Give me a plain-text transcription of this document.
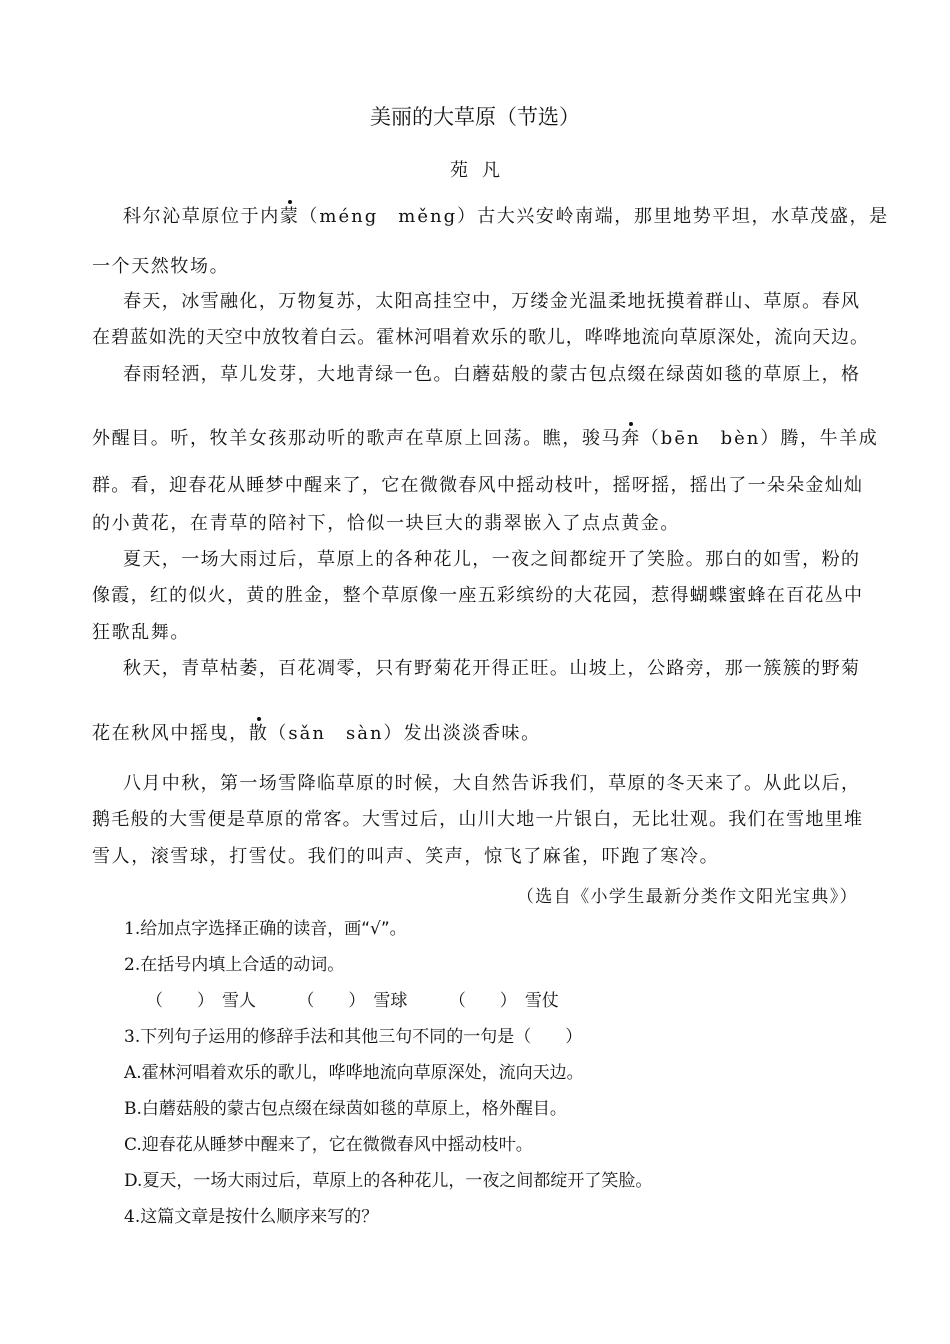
美丽的大草原（节选）
苑凡
科尔沁草原位于内蒙（méng　měng）古大兴安岭南端，那里地势平坦，水草茂盛，是
一个天然牧场。
春天，冰雪融化，万物复苏，太阳高挂空中，万缕金光温柔地抚摸着群山、草原。春风
在碧蓝如洗的天空中放牧着白云。霍林河唱着欢乐的歌儿，哗哗地流向草原深处，流向天边。
春雨轻洒，草儿发芽，大地青绿一色。白蘑菇般的蒙古包点缀在绿茵如毯的草原上，格
外醒目。听，牧羊女孩那动听的歌声在草原上回荡。瞧，骏马奔（bēn　bèn）腾，牛羊成
群。看，迎春花从睡梦中醒来了，它在微微春风中摇动枝叶，摇呀摇，摇出了一朵朵金灿灿
的小黄花，在青草的陪衬下，恰似一块巨大的翡翠嵌入了点点黄金。
夏天，一场大雨过后，草原上的各种花儿，一夜之间都绽开了笑脸。那白的如雪，粉的
像霞，红的似火，黄的胜金，整个草原像一座五彩缤纷的大花园，惹得蝴蝶蜜蜂在百花丛中
狂歌乱舞。
秋天，青草枯萎，百花凋零，只有野菊花开得正旺。山坡上，公路旁，那一簇簇的野菊
花在秋风中摇曳，散（sǎn　sàn）发出淡淡香味。
八月中秋，第一场雪降临草原的时候，大自然告诉我们，草原的冬天来了。从此以后，
鹅毛般的大雪便是草原的常客。大雪过后，山川大地一片银白，无比壮观。我们在雪地里堆
雪人，滚雪球，打雪仗。我们的叫声、笑声，惊飞了麻雀，吓跑了寒冷。
（选自《小学生最新分类作文阳光宝典》）
1.给加点字选择正确的读音，画“√”。
2.在括号内填上合适的动词。
（　　） 雪人 （　　） 雪球 （　　） 雪仗
3.下列句子运用的修辞手法和其他三句不同的一句是（　　）
A.霍林河唱着欢乐的歌儿，哗哗地流向草原深处，流向天边。
B.白蘑菇般的蒙古包点缀在绿茵如毯的草原上，格外醒目。
C.迎春花从睡梦中醒来了，它在微微春风中摇动枝叶。
D.夏天，一场大雨过后，草原上的各种花儿，一夜之间都绽开了笑脸。
4.这篇文章是按什么顺序来写的？
